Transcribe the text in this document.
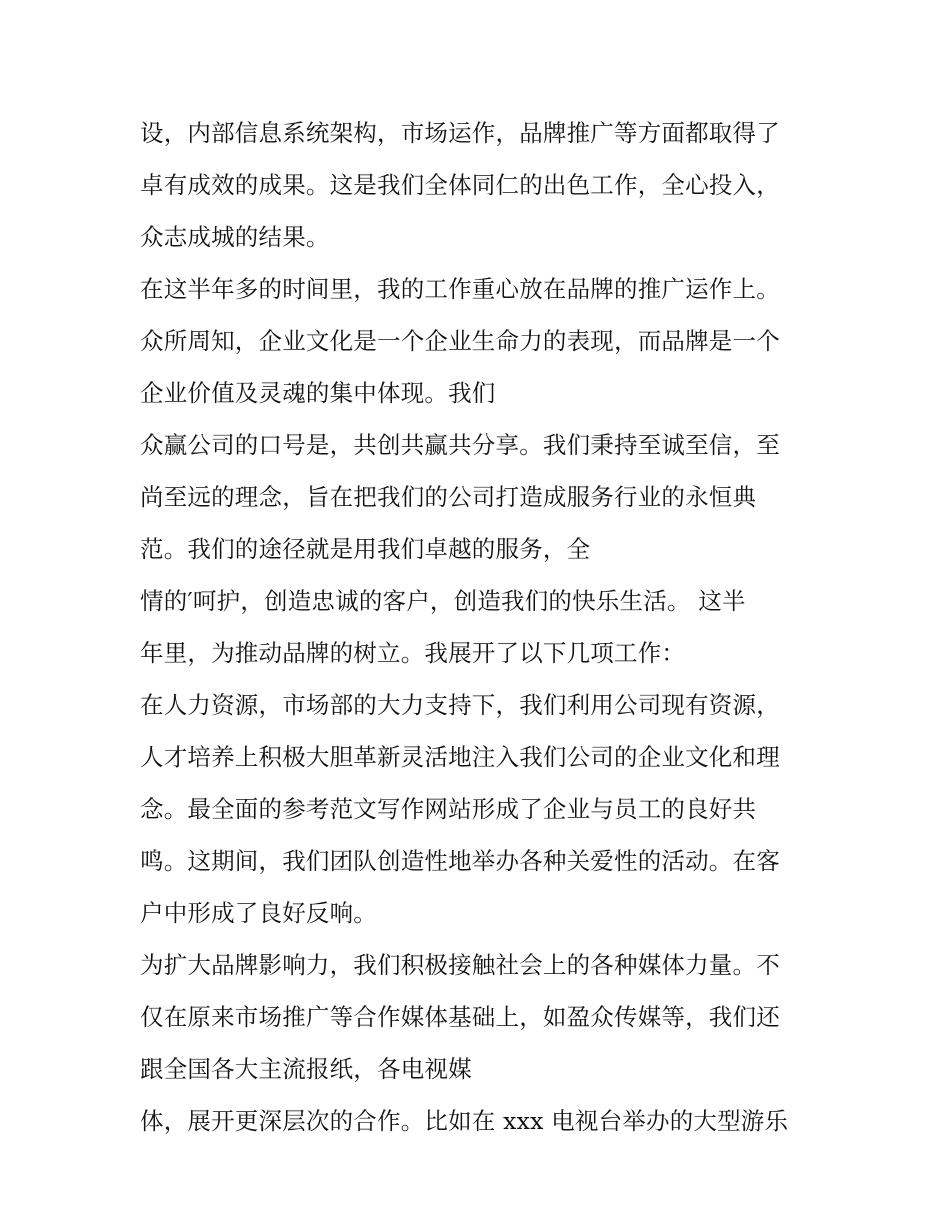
设，内部信息系统架构，市场运作，品牌推广等方面都取得了
卓有成效的成果。这是我们全体同仁的出色工作，全心投入，
众志成城的结果。
在这半年多的时间里，我的工作重心放在品牌的推广运作上。
众所周知，企业文化是一个企业生命力的表现，而品牌是一个
企业价值及灵魂的集中体现。我们
众赢公司的口号是，共创共赢共分享。我们秉持至诚至信，至
尚至远的理念，旨在把我们的公司打造成服务行业的永恒典
范。我们的途径就是用我们卓越的服务，全
情的′呵护，创造忠诚的客户，创造我们的快乐生活。 这半
年里，为推动品牌的树立。我展开了以下几项工作：
在人力资源，市场部的大力支持下，我们利用公司现有资源，
人才培养上积极大胆革新灵活地注入我们公司的企业文化和理
念。最全面的参考范文写作网站形成了企业与员工的良好共
鸣。这期间，我们团队创造性地举办各种关爱性的活动。在客
户中形成了良好反响。
为扩大品牌影响力，我们积极接触社会上的各种媒体力量。不
仅在原来市场推广等合作媒体基础上，如盈众传媒等，我们还
跟全国各大主流报纸，各电视媒
体，展开更深层次的合作。比如在 xxx 电视台举办的大型游乐
